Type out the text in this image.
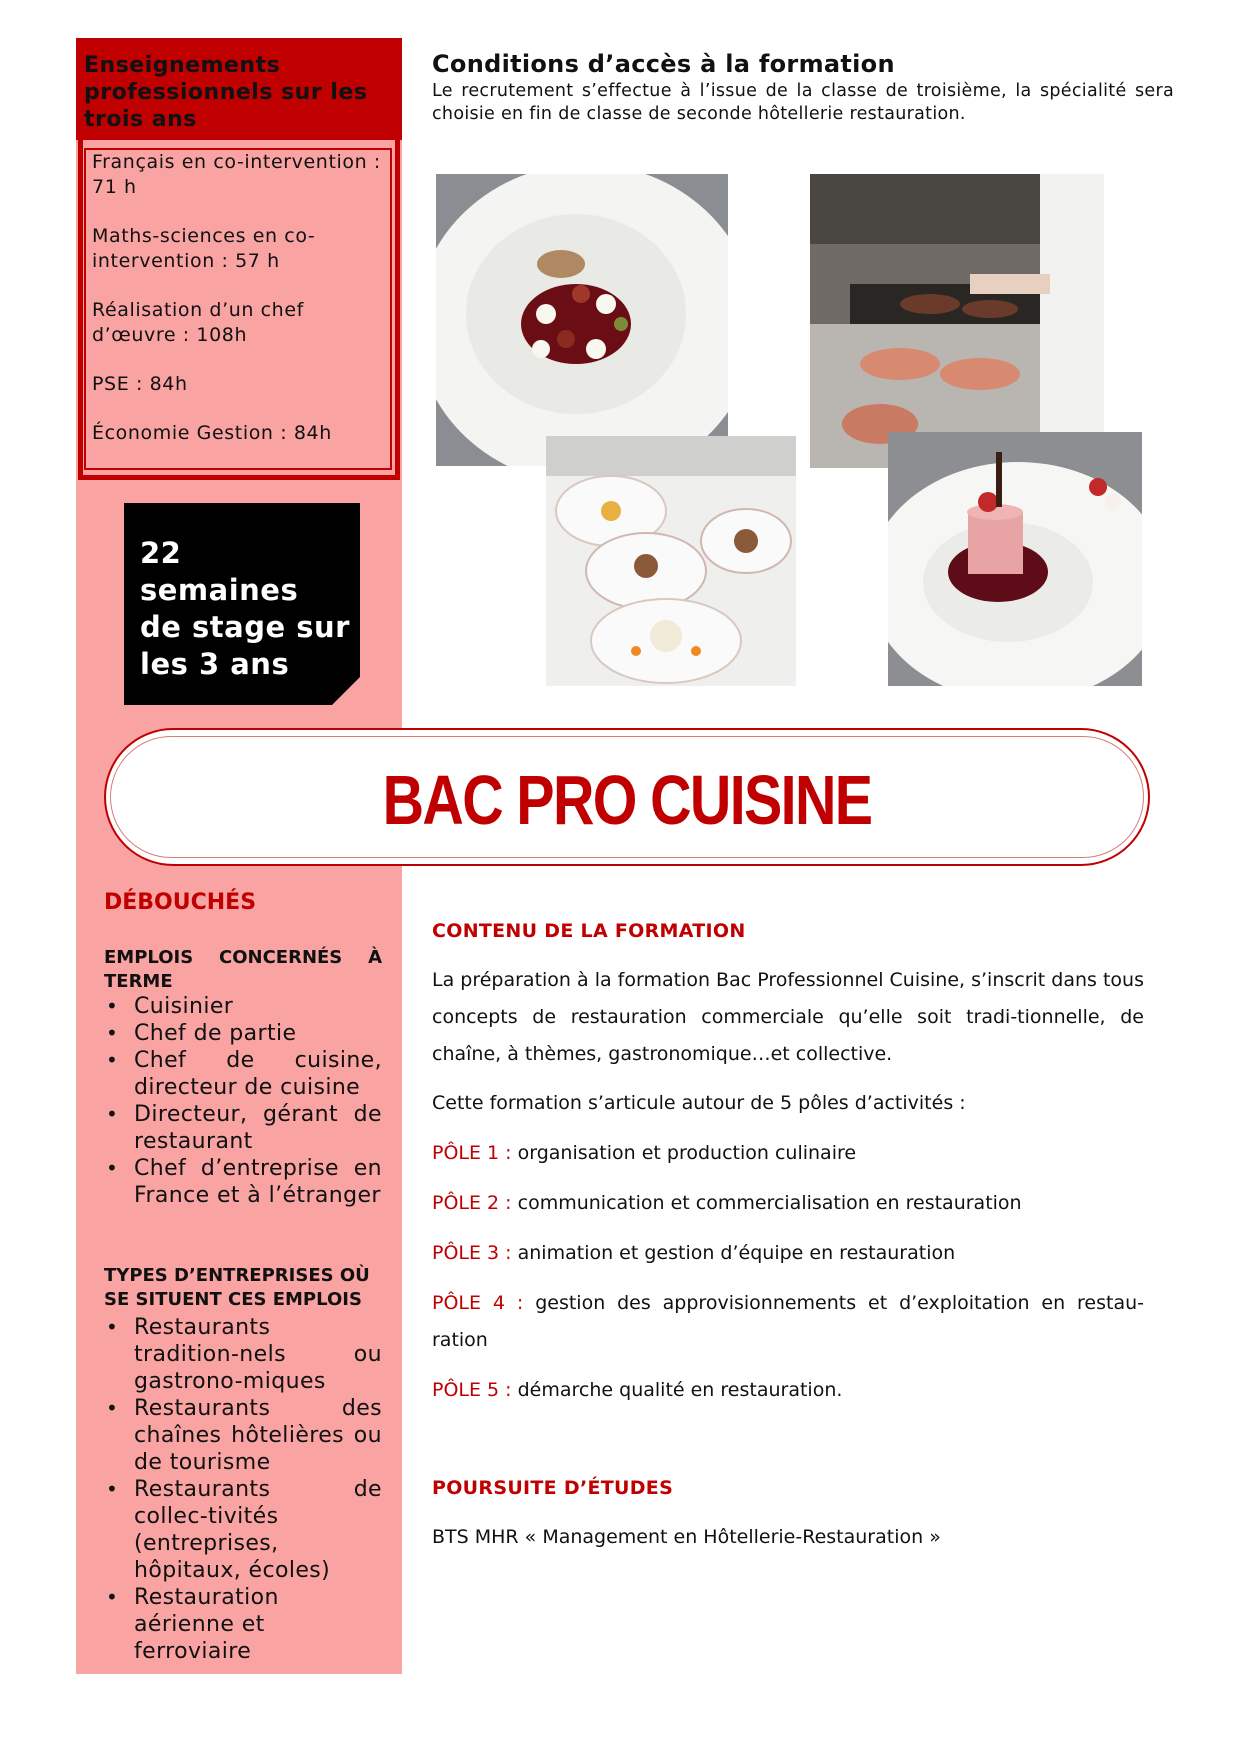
Enseignements professionnels sur les trois ans

Français en co-intervention : 71 h

Maths-sciences en co-intervention : 57 h

Réalisation d’un chef d’œuvre : 108h

PSE : 84h

Économie Gestion : 84h

22 semaines de stage sur les 3 ans
Conditions d’accès à la formation
Le recrutement s’effectue à l’issue de la classe de troisième, la spécialité sera choisie en fin de classe de seconde hôtellerie restauration.
BAC PRO CUISINE
DÉBOUCHÉS
EMPLOIS CONCERNÉS À TERME
• Cuisinier
• Chef de partie
• Chef de cuisine, directeur de cuisine
• Directeur, gérant de restaurant
• Chef d’entreprise en France et à l’étranger
TYPES D’ENTREPRISES OÙ SE SITUENT CES EMPLOIS
• Restaurants tradition-nels ou gastrono-miques
• Restaurants des chaînes hôtelières ou de tourisme
• Restaurants de collec-tivités (entreprises, hôpitaux, écoles)
• Restauration aérienne et ferroviaire
CONTENU DE LA FORMATION

La préparation à la formation Bac Professionnel Cuisine, s’inscrit dans tous concepts de restauration commerciale qu’elle soit tradi-tionnelle, de chaîne, à thèmes, gastronomique…et collective.

Cette formation s’articule autour de 5 pôles d’activités :

PÔLE 1 : organisation et production culinaire
PÔLE 2 : communication et commercialisation en restauration
PÔLE 3 : animation et gestion d’équipe en restauration
PÔLE 4 : gestion des approvisionnements et d’exploitation en restau-ration
PÔLE 5 : démarche qualité en restauration.
POURSUITE D’ÉTUDES
BTS MHR « Management en Hôtellerie-Restauration »
